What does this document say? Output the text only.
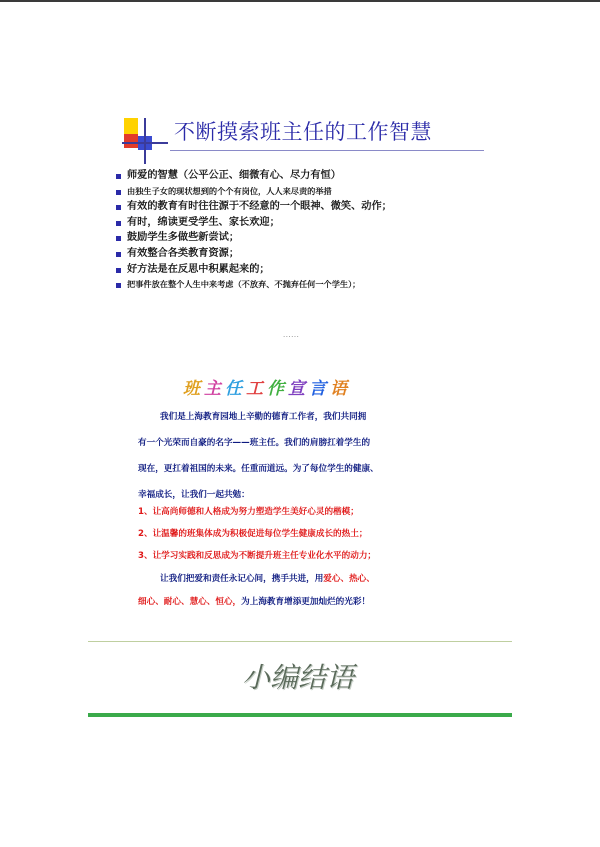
不断摸索班主任的工作智慧
师爱的智慧（公平公正、细微有心、尽力有恒）
由独生子女的现状想到的个个有岗位，人人来尽责的举措
有效的教育有时往往源于不经意的一个眼神、微笑、动作；
有时，绵读更受学生、家长欢迎；
鼓励学生多做些新尝试；
有效整合各类教育资源；
好方法是在反思中积累起来的；
把事件放在整个人生中来考虑（不放弃、不抛弃任何一个学生）；
......
班主任工作宣言语
我们是上海教育园地上辛勤的德育工作者，我们共同拥
有一个光荣而自豪的名字——班主任。我们的肩膀扛着学生的
现在，更扛着祖国的未来。任重而道远。为了每位学生的健康、
幸福成长，让我们一起共勉：
1、让高尚师德和人格成为努力塑造学生美好心灵的楷模；
2、让温馨的班集体成为积极促进每位学生健康成长的热土；
3、让学习实践和反思成为不断提升班主任专业化水平的动力；
让我们把爱和责任永记心间，携手共进，用爱心、热心、
细心、耐心、慧心、恒心，为上海教育增添更加灿烂的光彩！
小编结语
